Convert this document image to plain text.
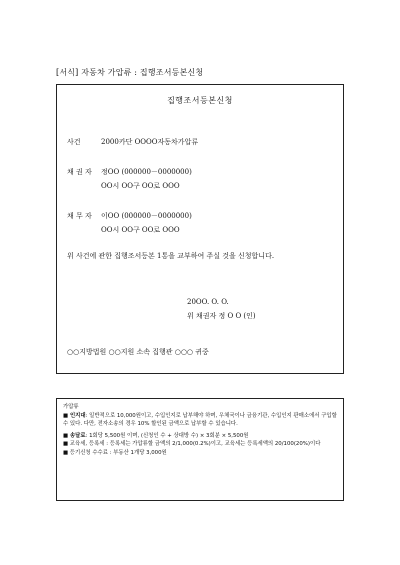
[서식] 자동차 가압류 : 집행조서등본신청
집행조서등본신청
사건	2000카단 OOOO자동차가압류
채 권 자 정OO (000000－0000000)
OO시 OO구 OO로 OOO
채 무 자 이OO (000000－0000000)
OO시 OO구 OO로 OOO
위 사건에 관한 집행조서등본 1통을 교부하여 주실 것을 신청합니다.
20OO. O. O.
위 채권자 정 O O (인)
○○지방법원 ○○지원 소속 집행관 ○○○ 귀중

가압류

■ 인지대: 일반적으로 10,000원이고, 수입인지로 납부해야 하며, 우체국이나 금융기관, 수입인지 판매소에서 구입할 수 있다. 다만, 전자소송의 경우 10% 할인된 금액으로 납부할 수 있습니다.

■ 송달료: 1회당 5,500원 이며, (신청인 수 + 상대방 수) × 3회분 × 5,500원

■ 교육세, 등록세 : 등록세는 가압류할 금액의 2/1,000(0.2%)이고, 교육세는 등록세액의 20/100(20%)이다

■ 등기신청 수수료 : 부동산 1개당 3,000원
